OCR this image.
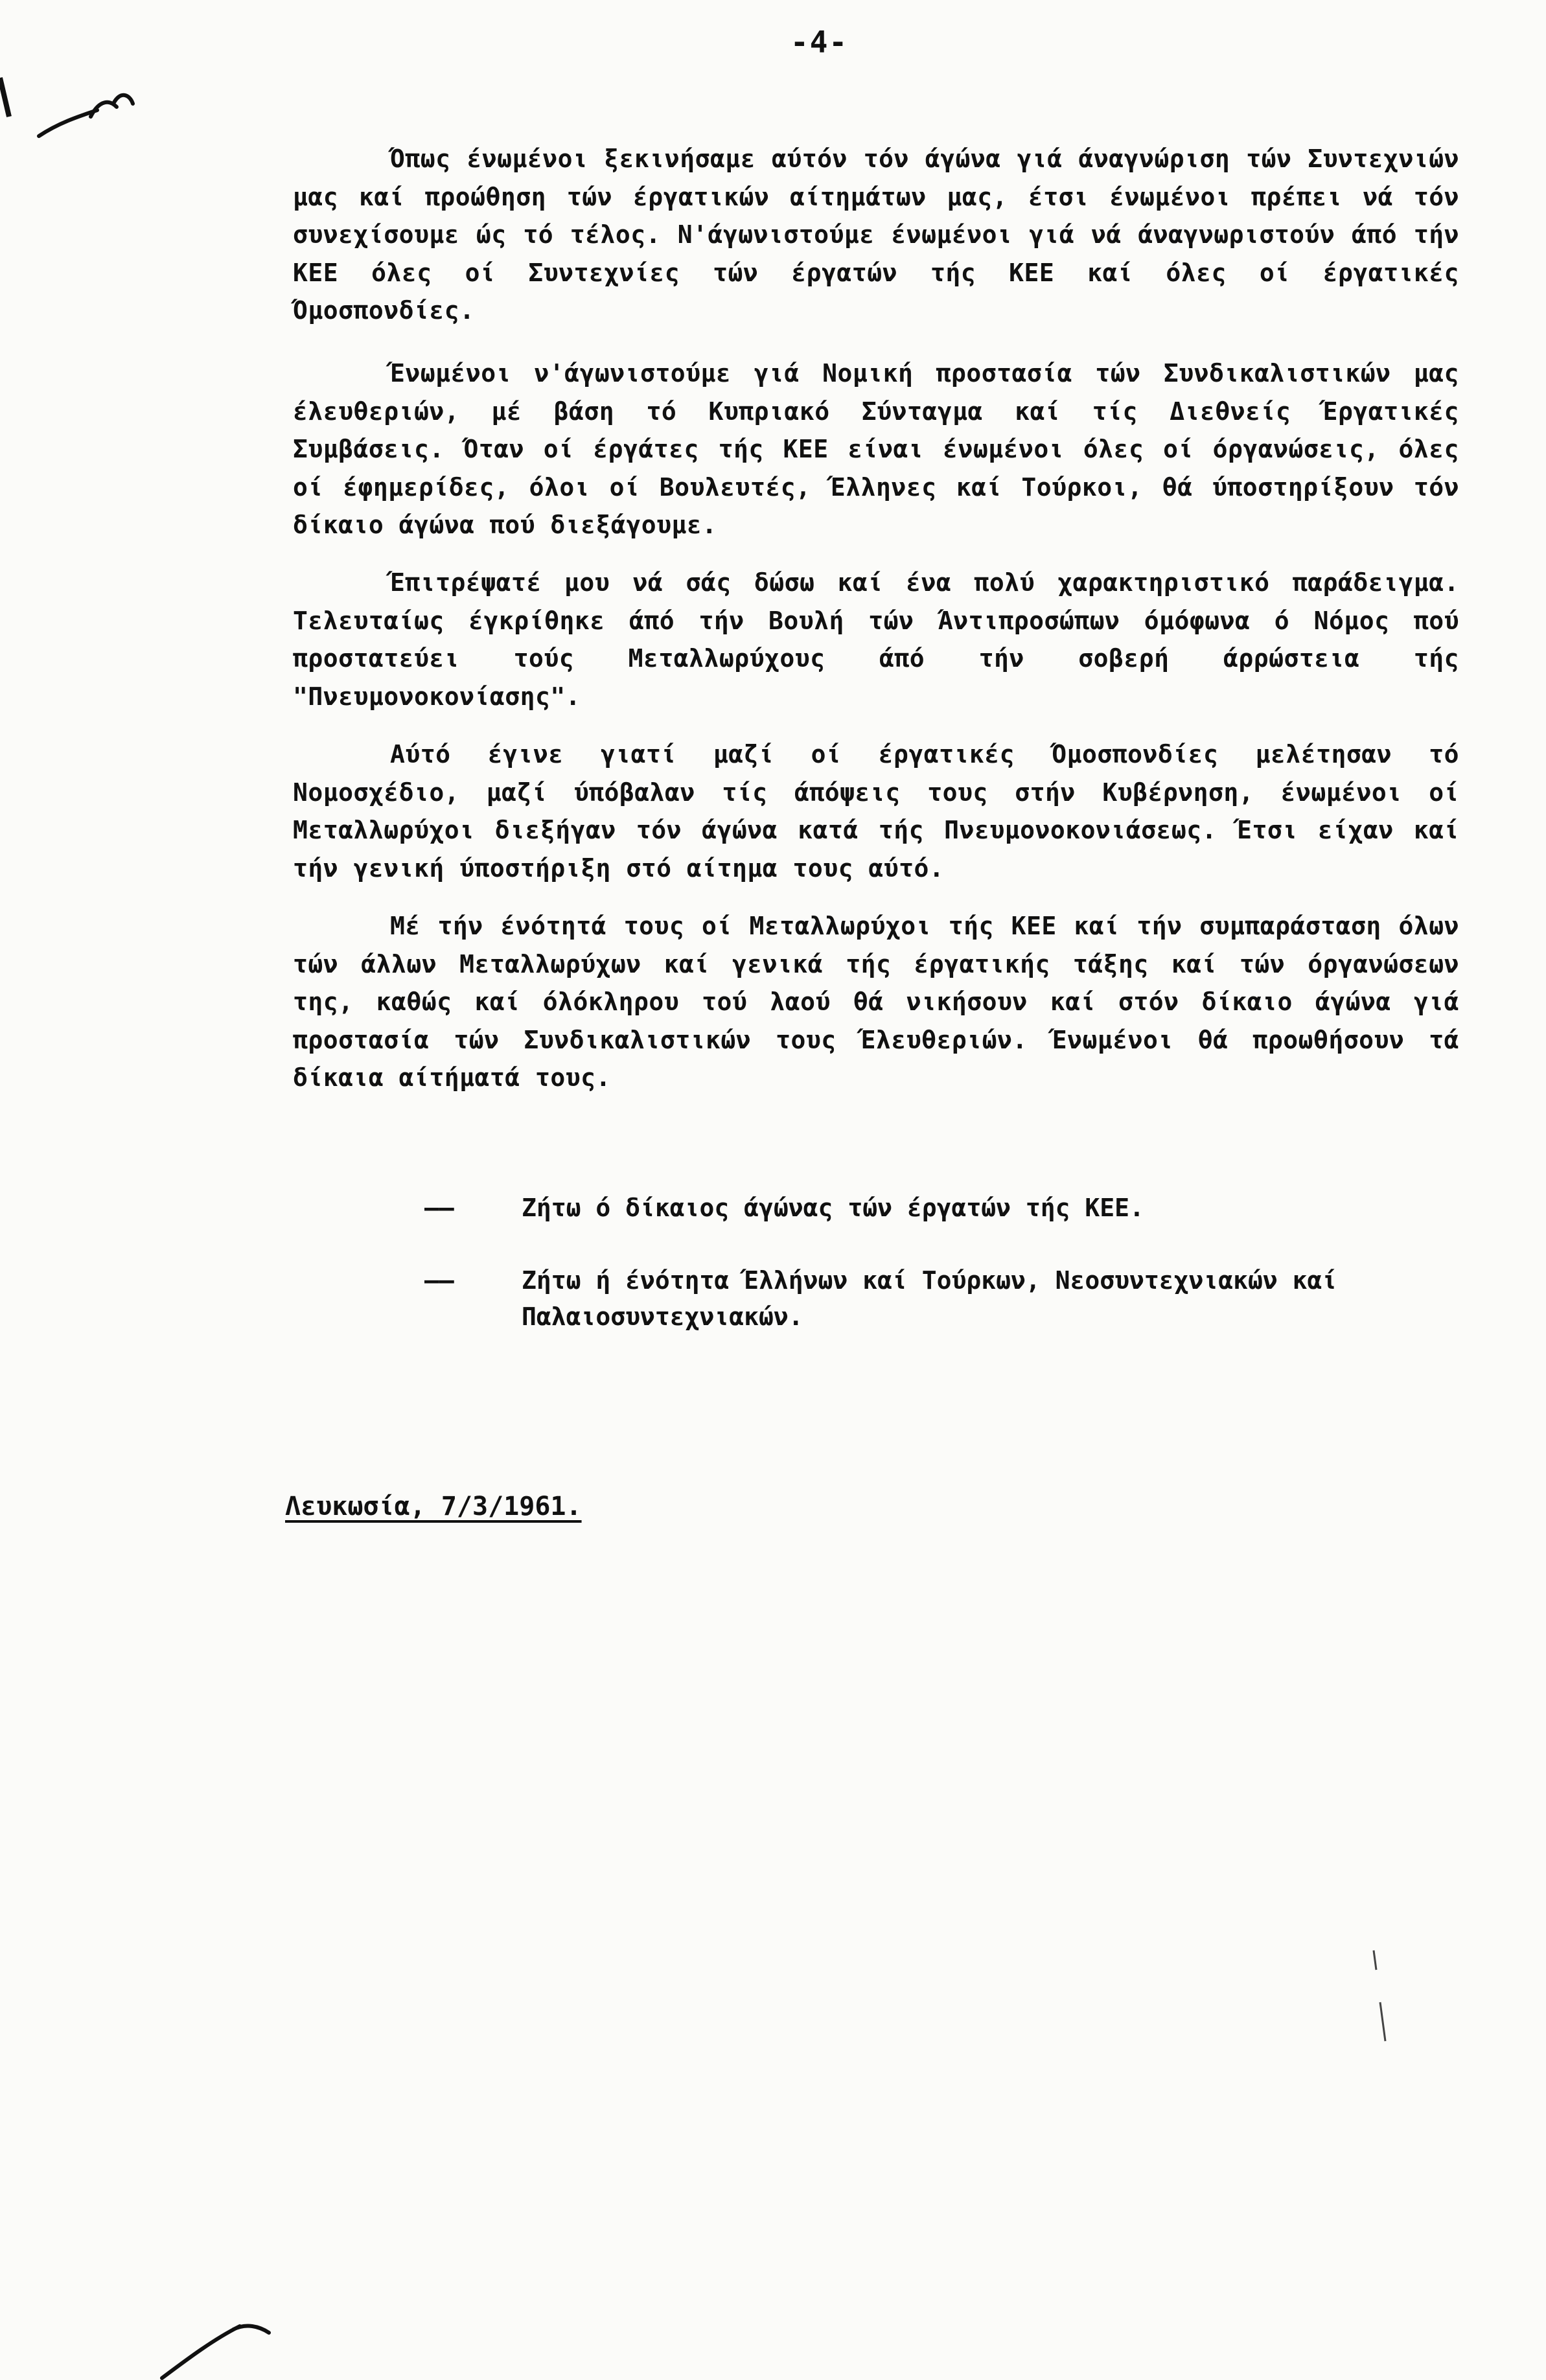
-4-

Όπως ένωμένοι ξεκινήσαμε αύτόν τόν άγώνα γιά άναγνώριση τών Συντεχνιών μας καί προώθηση τών έργατικών αίτημάτων μας, έτσι ένωμένοι πρέπει νά τόν συνεχίσουμε ώς τό τέλος. Ν'άγωνιστούμε ένωμένοι γιά νά άναγνωριστούν άπό τήν ΚΕΕ όλες οί Συντεχνίες τών έργατών τής ΚΕΕ καί όλες οί έργατικές Όμοσπονδίες.

Ένωμένοι ν'άγωνιστούμε γιά Νομική προστασία τών Συνδικαλιστικών μας έλευθεριών, μέ βάση τό Κυπριακό Σύνταγμα καί τίς Διεθνείς Έργατικές Συμβάσεις. Όταν οί έργάτες τής ΚΕΕ είναι ένωμένοι όλες οί όργανώσεις, όλες οί έφημερίδες, όλοι οί Βουλευτές, Έλληνες καί Τούρκοι, θά ύποστηρίξουν τόν δίκαιο άγώνα πού διεξάγουμε.

Έπιτρέψατέ μου νά σάς δώσω καί ένα πολύ χαρακτηριστικό παράδειγμα. Τελευταίως έγκρίθηκε άπό τήν Βουλή τών Άντιπροσώπων όμόφωνα ό Νόμος πού προστατεύει τούς Μεταλλωρύχους άπό τήν σοβερή άρρώστεια τής "Πνευμονοκονίασης".

Αύτό έγινε γιατί μαζί οί έργατικές Όμοσπονδίες μελέτησαν τό Νομοσχέδιο, μαζί ύπόβαλαν τίς άπόψεις τους στήν Κυβέρνηση, ένωμένοι οί Μεταλλωρύχοι διεξήγαν τόν άγώνα κατά τής Πνευμονοκονιάσεως. Έτσι είχαν καί τήν γενική ύποστήριξη στό αίτημα τους αύτό.

Μέ τήν ένότητά τους οί Μεταλλωρύχοι τής ΚΕΕ καί τήν συμπαράσταση όλων τών άλλων Μεταλλωρύχων καί γενικά τής έργατικής τάξης καί τών όργανώσεων της, καθώς καί όλόκληρου τού λαού θά νικήσουν καί στόν δίκαιο άγώνα γιά προστασία τών Συνδικαλιστικών τους Έλευθεριών. Ένωμένοι θά προωθήσουν τά δίκαια αίτήματά τους.

——	Ζήτω ό δίκαιος άγώνας τών έργατών τής ΚΕΕ.
——	Ζήτω ή ένότητα Έλλήνων καί Τούρκων, Νεοσυντεχνιακών καί Παλαιοσυντεχνιακών.
Λευκωσία, 7/3/1961.
